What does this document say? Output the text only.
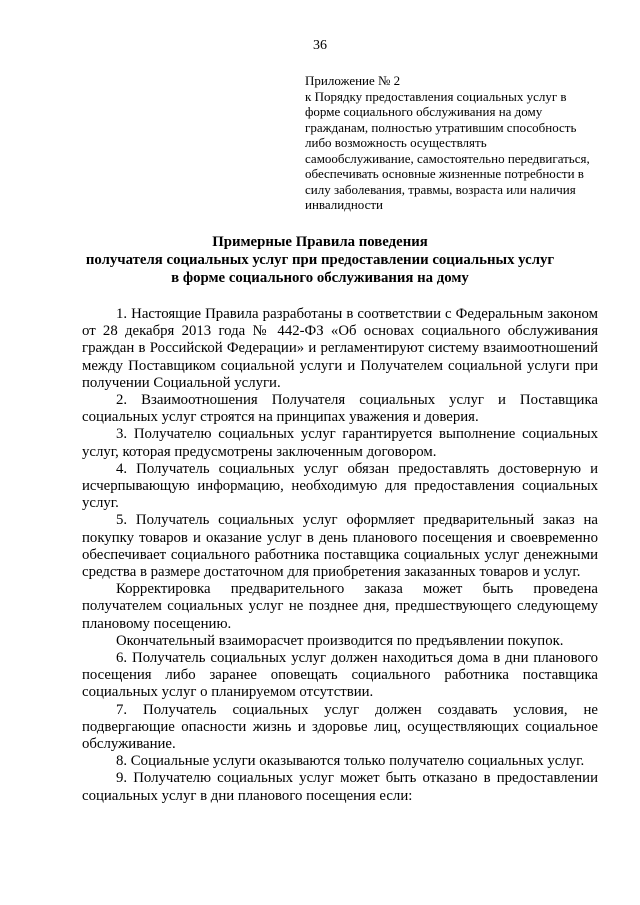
36
Приложение № 2
к Порядку предоставления социальных услуг в
форме социального обслуживания на дому
гражданам, полностью утратившим способность
либо возможность осуществлять
самообслуживание, самостоятельно передвигаться,
обеспечивать основные жизненные потребности в
силу заболевания, травмы, возраста или наличия
инвалидности
Примерные Правила поведения
получателя социальных услуг при предоставлении социальных услуг
в форме социального обслуживания на дому

1. Настоящие Правила разработаны в соответствии с Федеральным законом от 28 декабря 2013 года № 442-ФЗ «Об основах социального обслуживания граждан в Российской Федерации» и регламентируют систему взаимоотношений между Поставщиком социальной услуги и Получателем социальной услуги при получении Социальной услуги.

2. Взаимоотношения Получателя социальных услуг и Поставщика социальных услуг строятся на принципах уважения и доверия.

3. Получателю социальных услуг гарантируется выполнение социальных услуг, которая предусмотрены заключенным договором.

4. Получатель социальных услуг обязан предоставлять достоверную и исчерпывающую информацию, необходимую для предоставления социальных услуг.

5. Получатель социальных услуг оформляет предварительный заказ на покупку товаров и оказание услуг в день планового посещения и своевременно обеспечивает социального работника поставщика социальных услуг денежными средства в размере достаточном для приобретения заказанных товаров и услуг.

Корректировка предварительного заказа может быть проведена получателем социальных услуг не позднее дня, предшествующего следующему плановому посещению.

Окончательный взаиморасчет производится по предъявлении покупок.

6. Получатель социальных услуг должен находиться дома в дни планового посещения либо заранее оповещать социального работника поставщика социальных услуг о планируемом отсутствии.

7. Получатель социальных услуг должен создавать условия, не подвергающие опасности жизнь и здоровье лиц, осуществляющих социальное обслуживание.

8. Социальные услуги оказываются только получателю социальных услуг.

9. Получателю социальных услуг может быть отказано в предоставлении социальных услуг в дни планового посещения если:
